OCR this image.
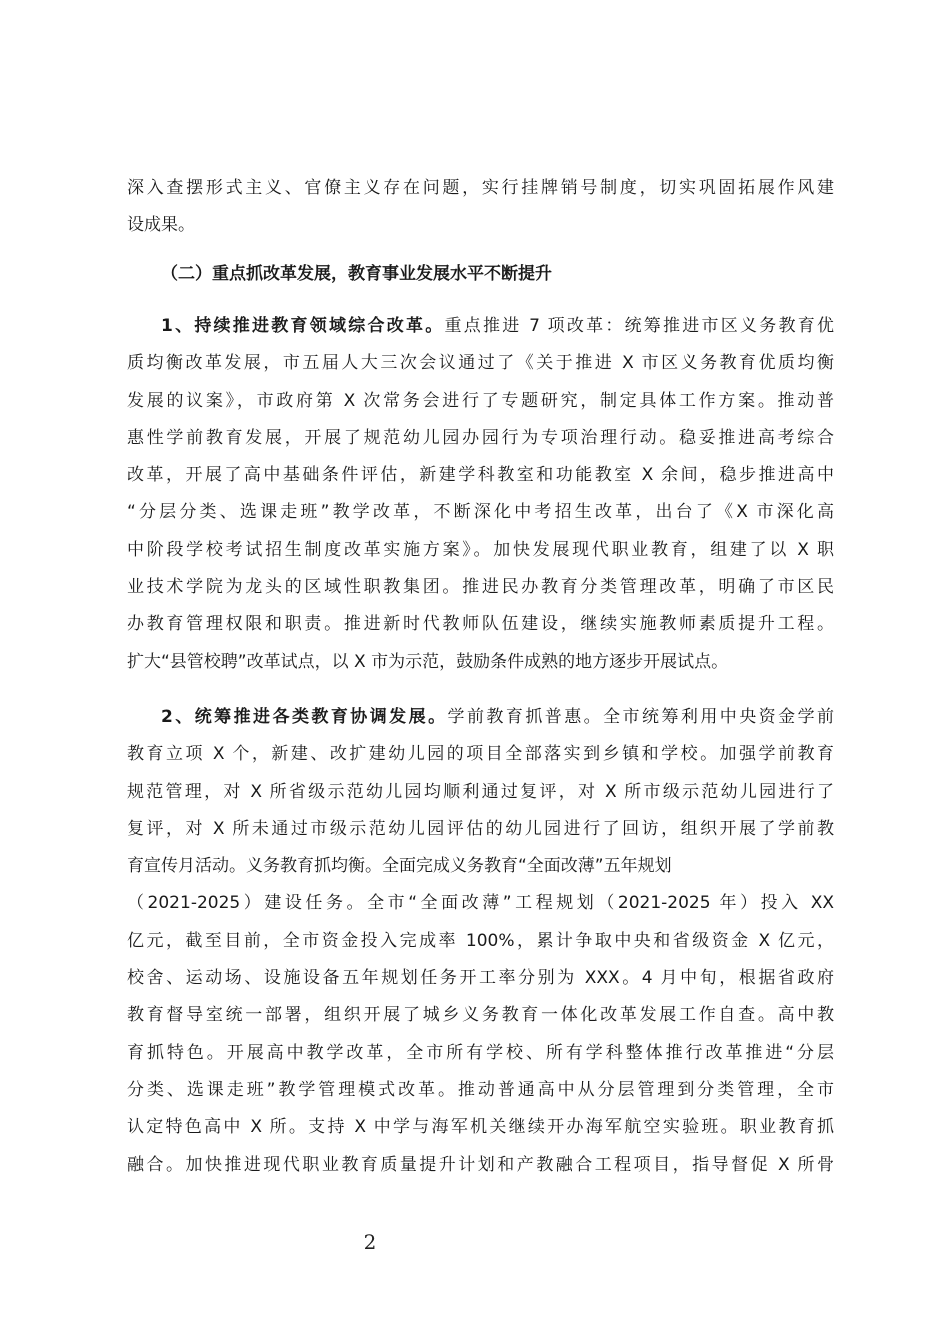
深入查摆形式主义、官僚主义存在问题，实行挂牌销号制度，切实巩固拓展作风建
设成果。
（二）重点抓改革发展，教育事业发展水平不断提升
1、持续推进教育领域综合改革。重点推进 7 项改革：统筹推进市区义务教育优
质均衡改革发展，市五届人大三次会议通过了《关于推进 X 市区义务教育优质均衡
发展的议案》，市政府第 X 次常务会进行了专题研究，制定具体工作方案。推动普
惠性学前教育发展，开展了规范幼儿园办园行为专项治理行动。稳妥推进高考综合
改革，开展了高中基础条件评估，新建学科教室和功能教室 X 余间，稳步推进高中
“分层分类、选课走班”教学改革，不断深化中考招生改革，出台了《X 市深化高
中阶段学校考试招生制度改革实施方案》。加快发展现代职业教育，组建了以 X 职
业技术学院为龙头的区域性职教集团。推进民办教育分类管理改革，明确了市区民
办教育管理权限和职责。推进新时代教师队伍建设，继续实施教师素质提升工程。
扩大“县管校聘”改革试点，以 X 市为示范，鼓励条件成熟的地方逐步开展试点。
2、统筹推进各类教育协调发展。学前教育抓普惠。全市统筹利用中央资金学前
教育立项 X 个，新建、改扩建幼儿园的项目全部落实到乡镇和学校。加强学前教育
规范管理，对 X 所省级示范幼儿园均顺利通过复评，对 X 所市级示范幼儿园进行了
复评，对 X 所未通过市级示范幼儿园评估的幼儿园进行了回访，组织开展了学前教
育宣传月活动。义务教育抓均衡。全面完成义务教育“全面改薄”五年规划
（2021-2025）建设任务。全市“全面改薄”工程规划（2021-2025 年）投入 XX
亿元，截至目前，全市资金投入完成率 100%，累计争取中央和省级资金 X 亿元，
校舍、运动场、设施设备五年规划任务开工率分别为 XXX。4 月中旬，根据省政府
教育督导室统一部署，组织开展了城乡义务教育一体化改革发展工作自查。高中教
育抓特色。开展高中教学改革，全市所有学校、所有学科整体推行改革推进“分层
分类、选课走班”教学管理模式改革。推动普通高中从分层管理到分类管理，全市
认定特色高中 X 所。支持 X 中学与海军机关继续开办海军航空实验班。职业教育抓
融合。加快推进现代职业教育质量提升计划和产教融合工程项目，指导督促 X 所骨
2
